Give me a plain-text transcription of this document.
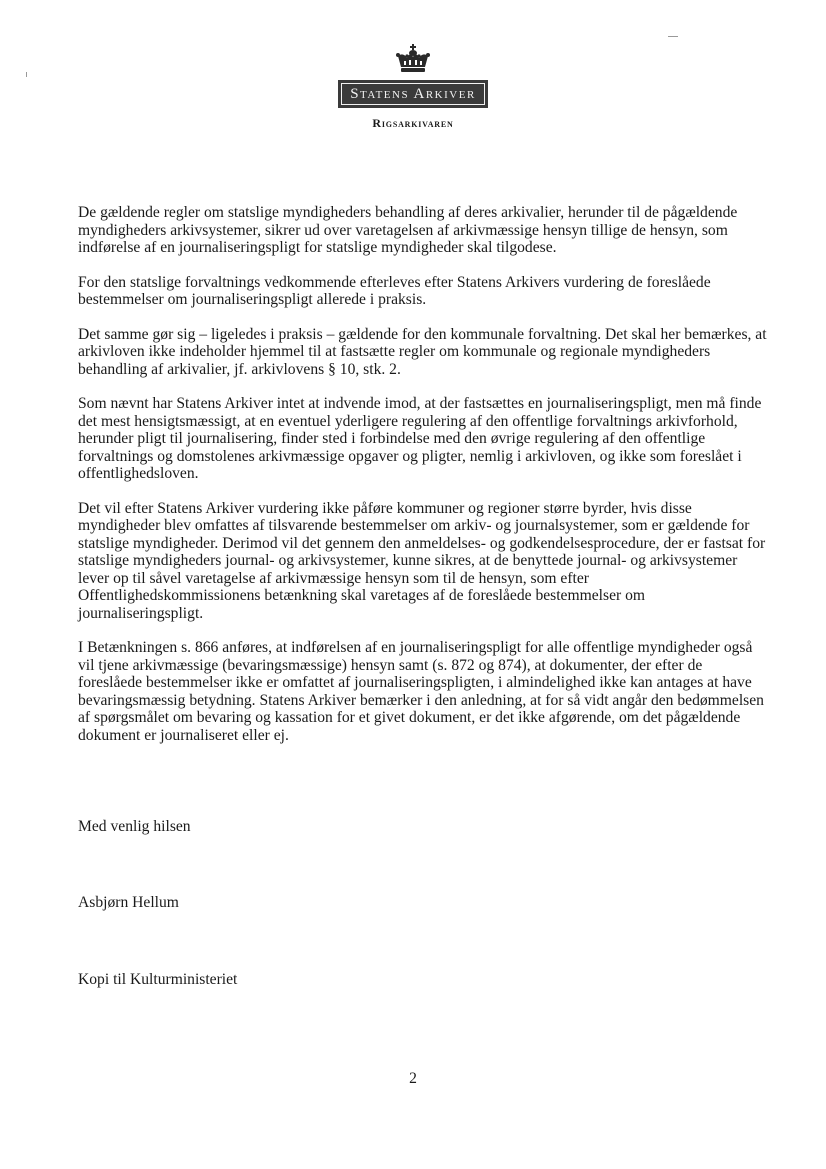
Statens Arkiver
Rigsarkivaren

De gældende regler om statslige myndigheders behandling af deres arkivalier, herunder til de pågældende myndigheders arkivsystemer, sikrer ud over varetagelsen af arkivmæssige hensyn tillige de hensyn, som indførelse af en journaliseringspligt for statslige myndigheder skal tilgodese.

For den statslige forvaltnings vedkommende efterleves efter Statens Arkivers vurdering de foreslåede bestemmelser om journaliseringspligt allerede i praksis.

Det samme gør sig – ligeledes i praksis – gældende for den kommunale forvaltning. Det skal her bemærkes, at arkivloven ikke indeholder hjemmel til at fastsætte regler om kommunale og regionale myndigheders behandling af arkivalier, jf. arkivlovens § 10, stk. 2.

Som nævnt har Statens Arkiver intet at indvende imod, at der fastsættes en journaliseringspligt, men må finde det mest hensigtsmæssigt, at en eventuel yderligere regulering af den offentlige forvaltnings arkivforhold, herunder pligt til journalisering, finder sted i forbindelse med den øvrige regulering af den offentlige forvaltnings og domstolenes arkivmæssige opgaver og pligter, nemlig i arkivloven, og ikke som foreslået i offentlighedsloven.

Det vil efter Statens Arkiver vurdering ikke påføre kommuner og regioner større byrder, hvis disse myndigheder blev omfattes af tilsvarende bestemmelser om arkiv- og journalsystemer, som er gældende for statslige myndigheder. Derimod vil det gennem den anmeldelses- og godkendelsesprocedure, der er fastsat for statslige myndigheders journal- og arkivsystemer, kunne sikres, at de benyttede journal- og arkivsystemer lever op til såvel varetagelse af arkivmæssige hensyn som til de hensyn, som efter Offentlighedskommissionens betænkning skal varetages af de foreslåede bestemmelser om journaliseringspligt.

I Betænkningen s. 866 anføres, at indførelsen af en journaliseringspligt for alle offentlige myndigheder også vil tjene arkivmæssige (bevaringsmæssige) hensyn samt (s. 872 og 874), at dokumenter, der efter de foreslåede bestemmelser ikke er omfattet af journaliseringspligten, i almindelighed ikke kan antages at have bevaringsmæssig betydning. Statens Arkiver bemærker i den anledning, at for så vidt angår den bedømmelsen af spørgsmålet om bevaring og kassation for et givet dokument, er det ikke afgørende, om det pågældende dokument er journaliseret eller ej.

Med venlig hilsen
Asbjørn Hellum
Kopi til Kulturministeriet
2
